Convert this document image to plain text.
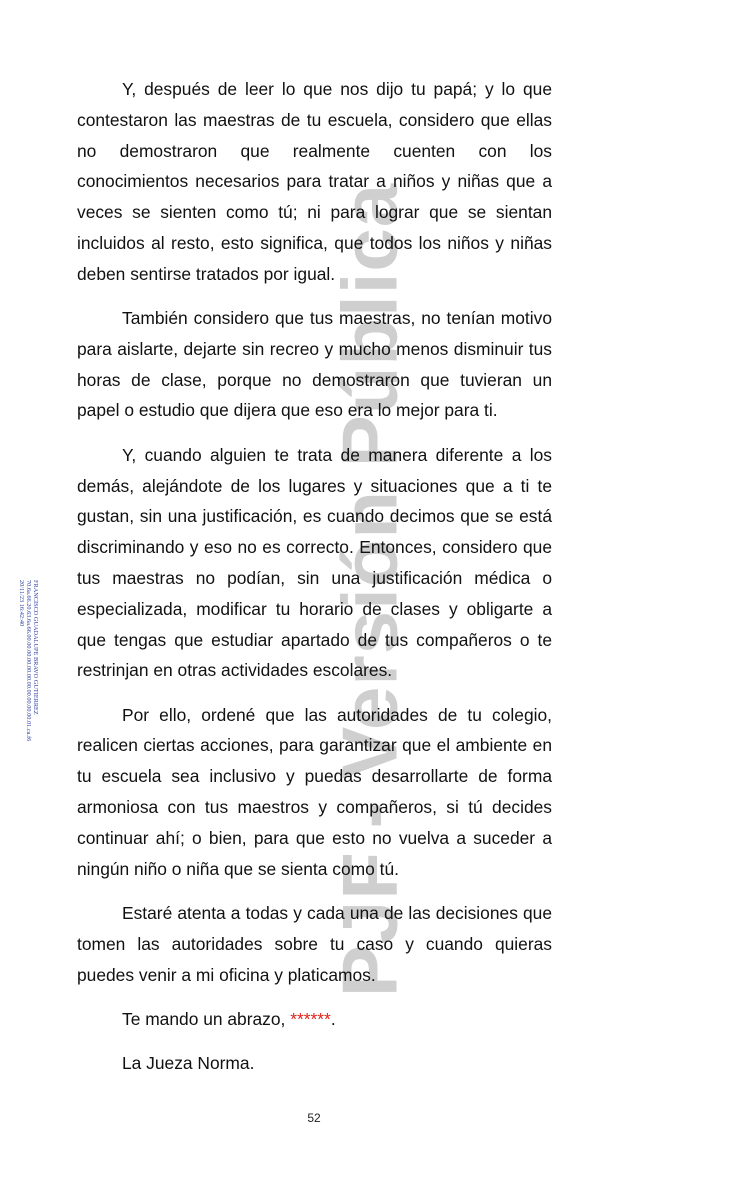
PJF - Versión Pública
FRANCISCO GUADALUPE BRAVO GUTIERREZ
70.6a.66.20.63.6a.66.00.00.00.00.00.00.00.00.00.00.00.01.ca.f6
20/11/23 16:42:40

Y, después de leer lo que nos dijo tu papá; y lo que contestaron las maestras de tu escuela, considero que ellas no demostraron que realmente cuenten con los conocimientos necesarios para tratar a niños y niñas que a veces se sienten como tú; ni para lograr que se sientan incluidos al resto, esto significa, que todos los niños y niñas deben sentirse tratados por igual.

También considero que tus maestras, no tenían motivo para aislarte, dejarte sin recreo y mucho menos disminuir tus horas de clase, porque no demostraron que tuvieran un papel o estudio que dijera que eso era lo mejor para ti.

Y, cuando alguien te trata de manera diferente a los demás, alejándote de los lugares y situaciones que a ti te gustan, sin una justificación, es cuando decimos que se está discriminando y eso no es correcto. Entonces, considero que tus maestras no podían, sin una justificación médica o especializada, modificar tu horario de clases y obligarte a que tengas que estudiar apartado de tus compañeros o te restrinjan en otras actividades escolares.

Por ello, ordené que las autoridades de tu colegio, realicen ciertas acciones, para garantizar que el ambiente en tu escuela sea inclusivo y puedas desarrollarte de forma armoniosa con tus maestros y compañeros, si tú decides continuar ahí; o bien, para que esto no vuelva a suceder a ningún niño o niña que se sienta como tú.

Estaré atenta a todas y cada una de las decisiones que tomen las autoridades sobre tu caso y cuando quieras puedes venir a mi oficina y platicamos.

Te mando un abrazo, ******.

La Jueza Norma.

52
